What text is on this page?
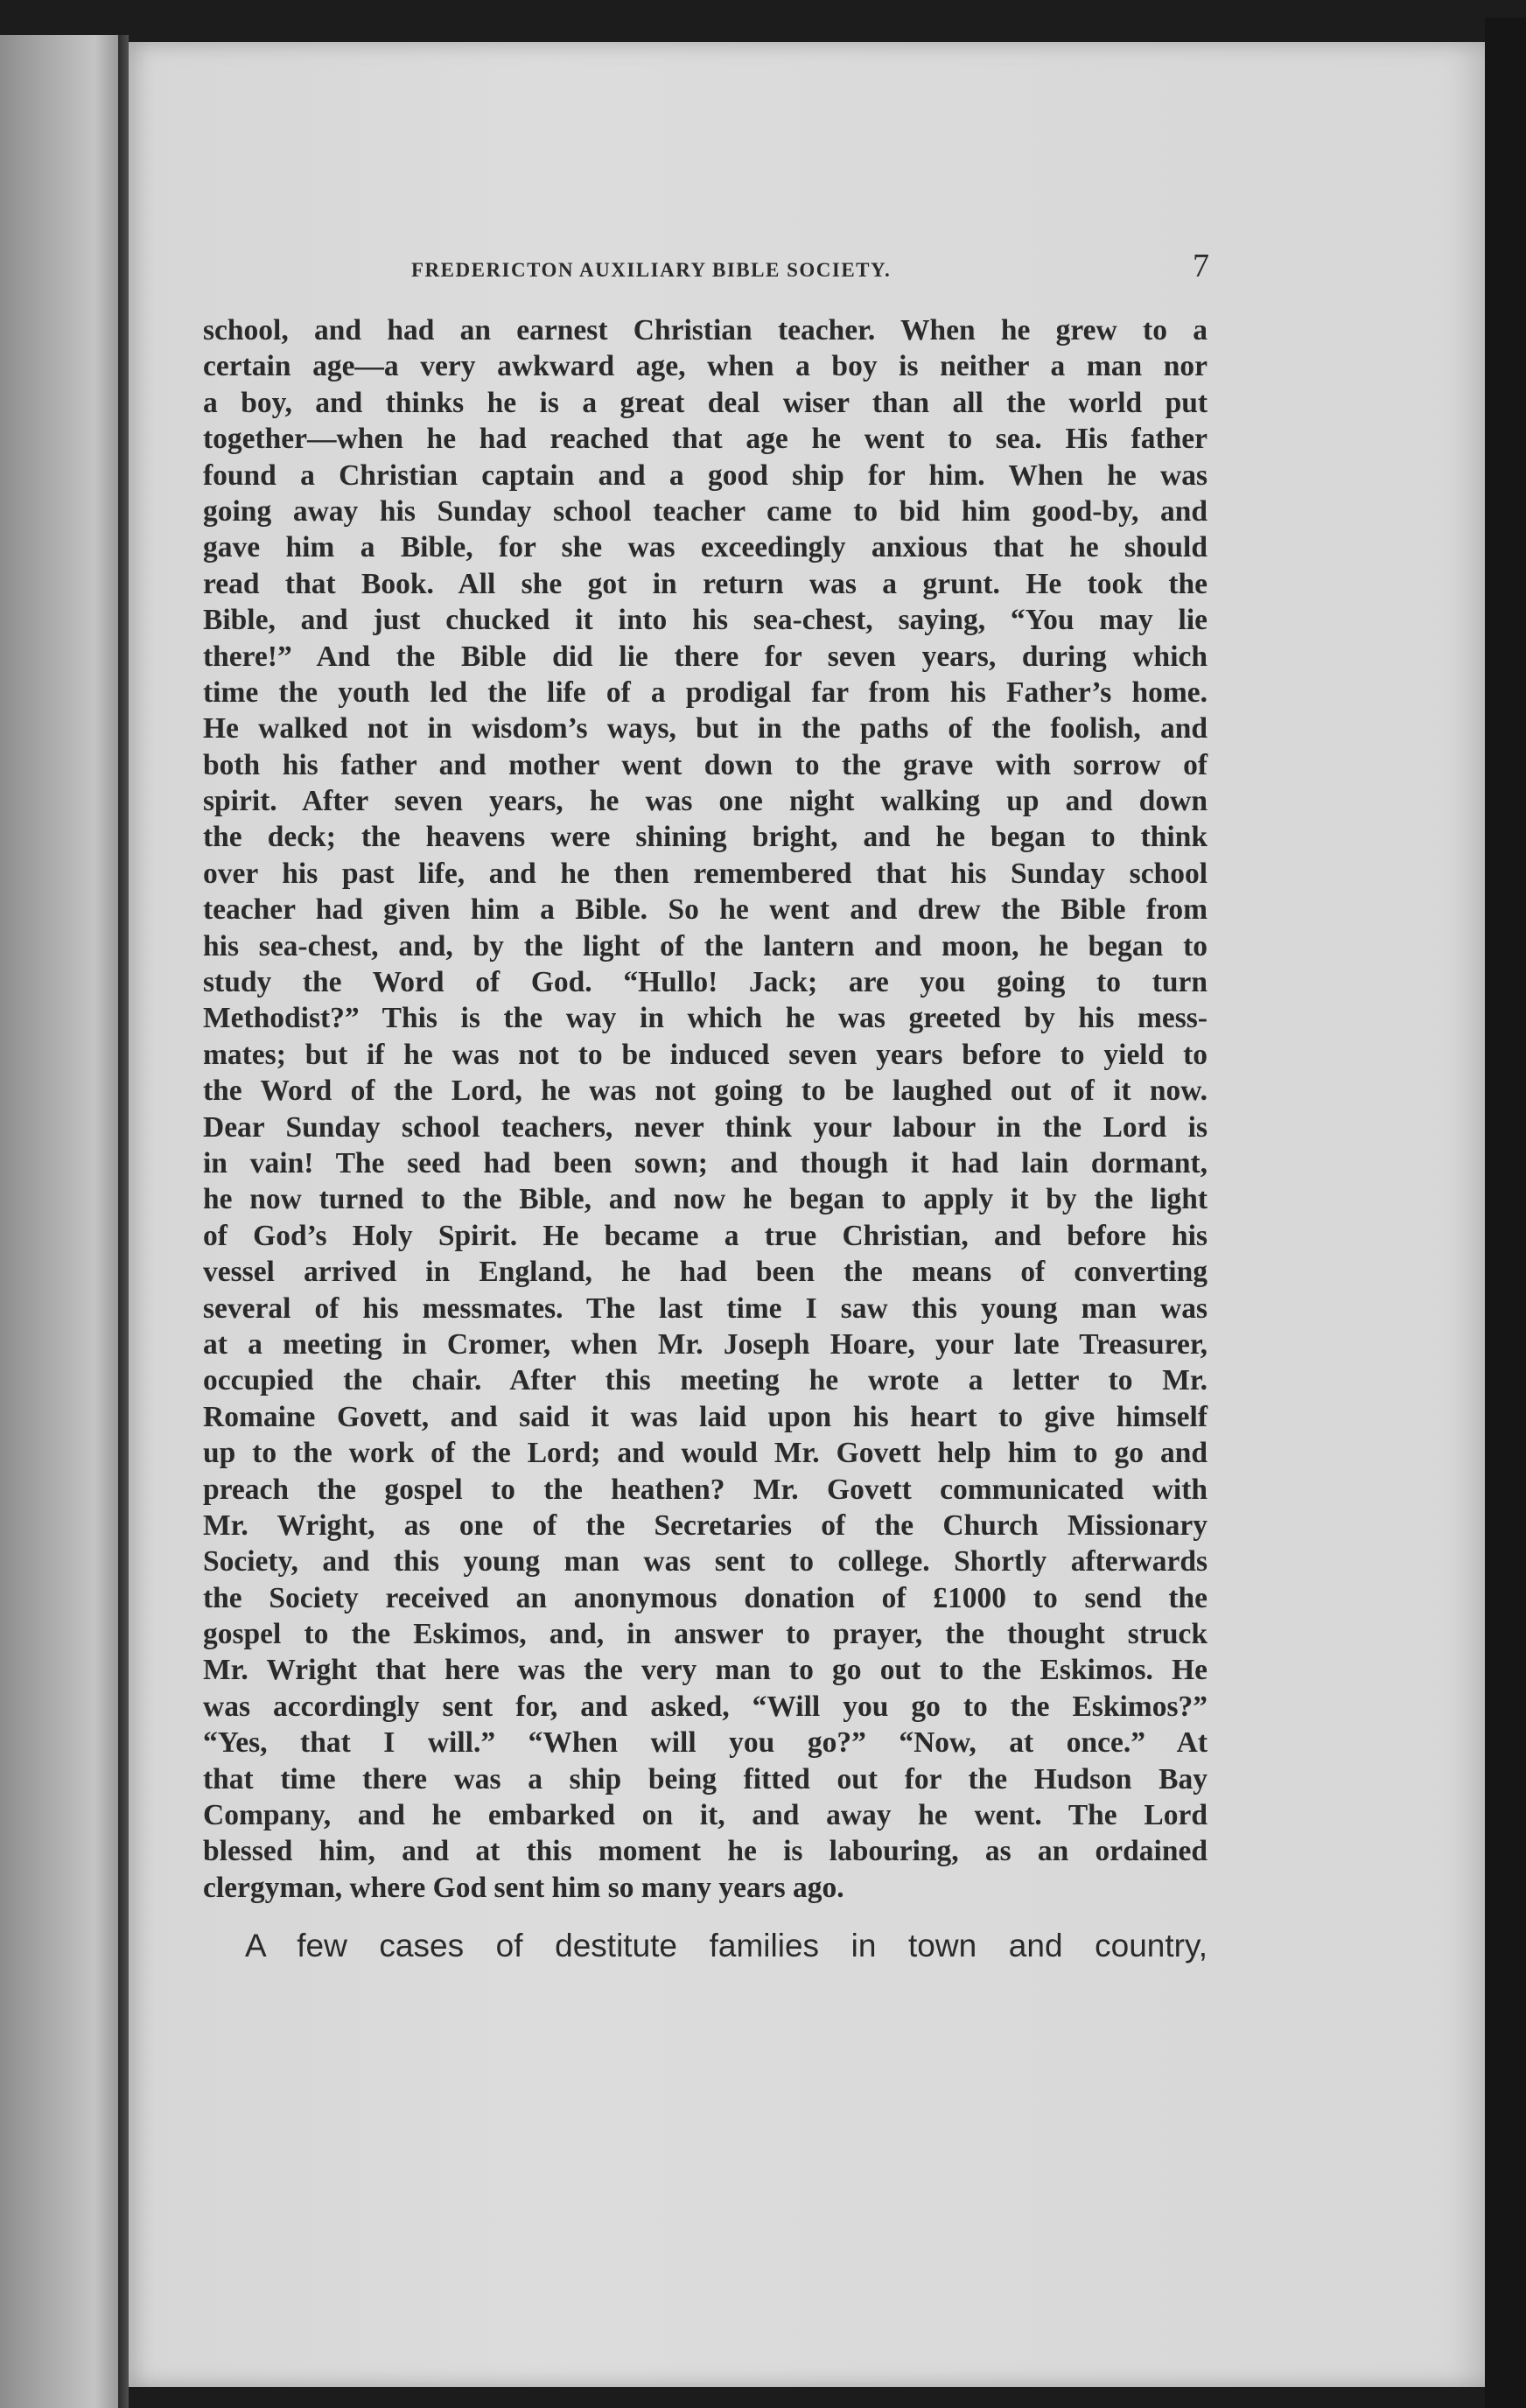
FREDERICTON AUXILIARY BIBLE SOCIETY.	7
school, and had an earnest Christian teacher. When he grew to a
certain age—a very awkward age, when a boy is neither a man nor
a boy, and thinks he is a great deal wiser than all the world put
together—when he had reached that age he went to sea. His father
found a Christian captain and a good ship for him. When he was
going away his Sunday school teacher came to bid him good-by, and
gave him a Bible, for she was exceedingly anxious that he should
read that Book. All she got in return was a grunt. He took the
Bible, and just chucked it into his sea-chest, saying, “You may lie
there!” And the Bible did lie there for seven years, during which
time the youth led the life of a prodigal far from his Father’s home.
He walked not in wisdom’s ways, but in the paths of the foolish, and
both his father and mother went down to the grave with sorrow of
spirit. After seven years, he was one night walking up and down
the deck; the heavens were shining bright, and he began to think
over his past life, and he then remembered that his Sunday school
teacher had given him a Bible. So he went and drew the Bible from
his sea-chest, and, by the light of the lantern and moon, he began to
study the Word of God. “Hullo! Jack; are you going to turn
Methodist?” This is the way in which he was greeted by his mess-
mates; but if he was not to be induced seven years before to yield to
the Word of the Lord, he was not going to be laughed out of it now.
Dear Sunday school teachers, never think your labour in the Lord is
in vain! The seed had been sown; and though it had lain dormant,
he now turned to the Bible, and now he began to apply it by the light
of God’s Holy Spirit. He became a true Christian, and before his
vessel arrived in England, he had been the means of converting
several of his messmates. The last time I saw this young man was
at a meeting in Cromer, when Mr. Joseph Hoare, your late Treasurer,
occupied the chair. After this meeting he wrote a letter to Mr.
Romaine Govett, and said it was laid upon his heart to give himself
up to the work of the Lord; and would Mr. Govett help him to go and
preach the gospel to the heathen? Mr. Govett communicated with
Mr. Wright, as one of the Secretaries of the Church Missionary
Society, and this young man was sent to college. Shortly afterwards
the Society received an anonymous donation of £1000 to send the
gospel to the Eskimos, and, in answer to prayer, the thought struck
Mr. Wright that here was the very man to go out to the Eskimos. He
was accordingly sent for, and asked, “Will you go to the Eskimos?”
“Yes, that I will.” “When will you go?” “Now, at once.” At
that time there was a ship being fitted out for the Hudson Bay
Company, and he embarked on it, and away he went. The Lord
blessed him, and at this moment he is labouring, as an ordained
clergyman, where God sent him so many years ago.
A few cases of destitute families in town and country,
